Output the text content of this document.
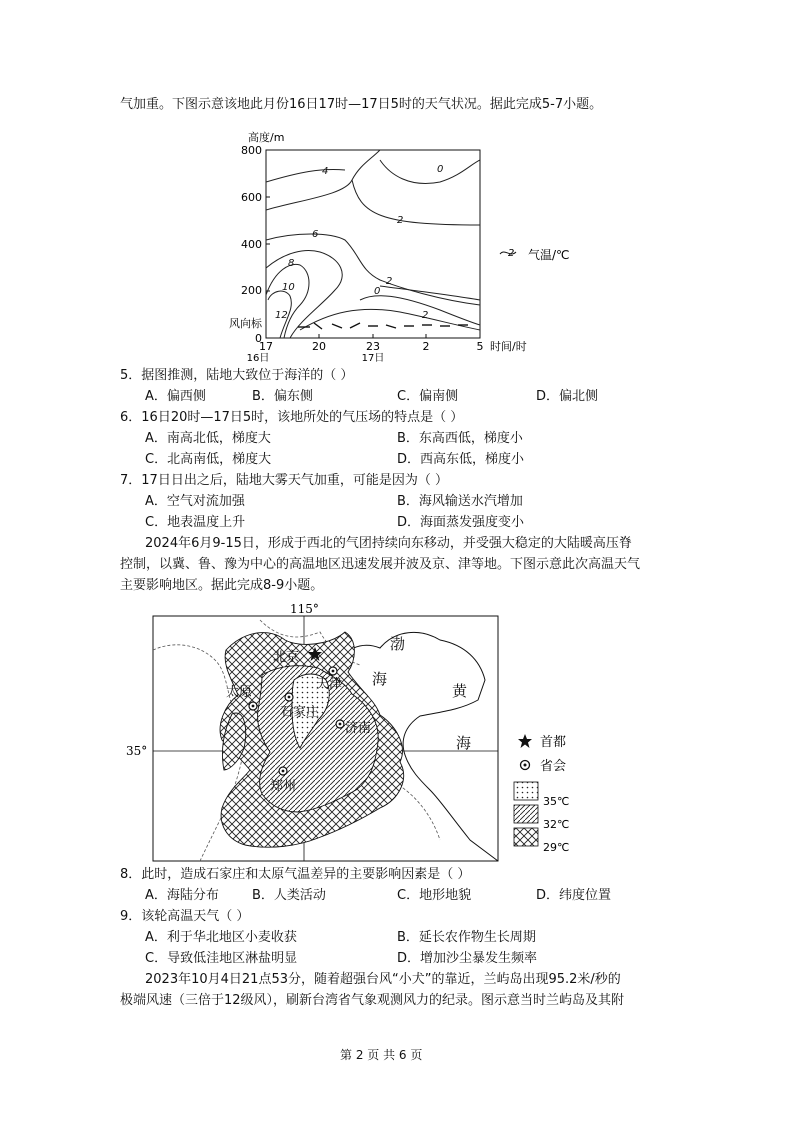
气加重。下图示意该地此月份16日17时—17日5时的天气状况。据此完成5-7小题。
高度/m
800
600
400
200
0
17	20	23	2	5
16日	17日
时间/时
风向标
4	0
2
6
8
10
12
2
0
2
2 气温/℃
5．据图推测，陆地大致位于海洋的（ ）
A．偏西侧	B．偏东侧	C．偏南侧	D．偏北侧
6．16日20时—17日5时，该地所处的气压场的特点是（ ）
A．南高北低，梯度大	B．东高西低，梯度小
C．北高南低，梯度大	D．西高东低，梯度小
7．17日日出之后，陆地大雾天气加重，可能是因为（ ）
A．空气对流加强	B．海风输送水汽增加
C．地表温度上升	D．海面蒸发强度变小
2024年6月9-15日，形成于西北的气团持续向东移动，并受强大稳定的大陆暖高压脊
控制，以冀、鲁、豫为中心的高温地区迅速发展并波及京、津等地。下图示意此次高温天气
主要影响地区。据此完成8-9小题。
115°
35°
北京
天津
太原
石家庄
济南
郑州
渤
海
黄
海	首都
省会
35℃
32℃
29℃
8．此时，造成石家庄和太原气温差异的主要影响因素是（ ）
A．海陆分布	B．人类活动	C．地形地貌	D．纬度位置
9．该轮高温天气（ ）
A．利于华北地区小麦收获	B．延长农作物生长周期
C．导致低洼地区淋盐明显	D．增加沙尘暴发生频率
2023年10月4日21点53分，随着超强台风“小犬”的靠近，兰屿岛出现95.2米/秒的
极端风速（三倍于12级风），刷新台湾省气象观测风力的纪录。图示意当时兰屿岛及其附
第 2 页 共 6 页
